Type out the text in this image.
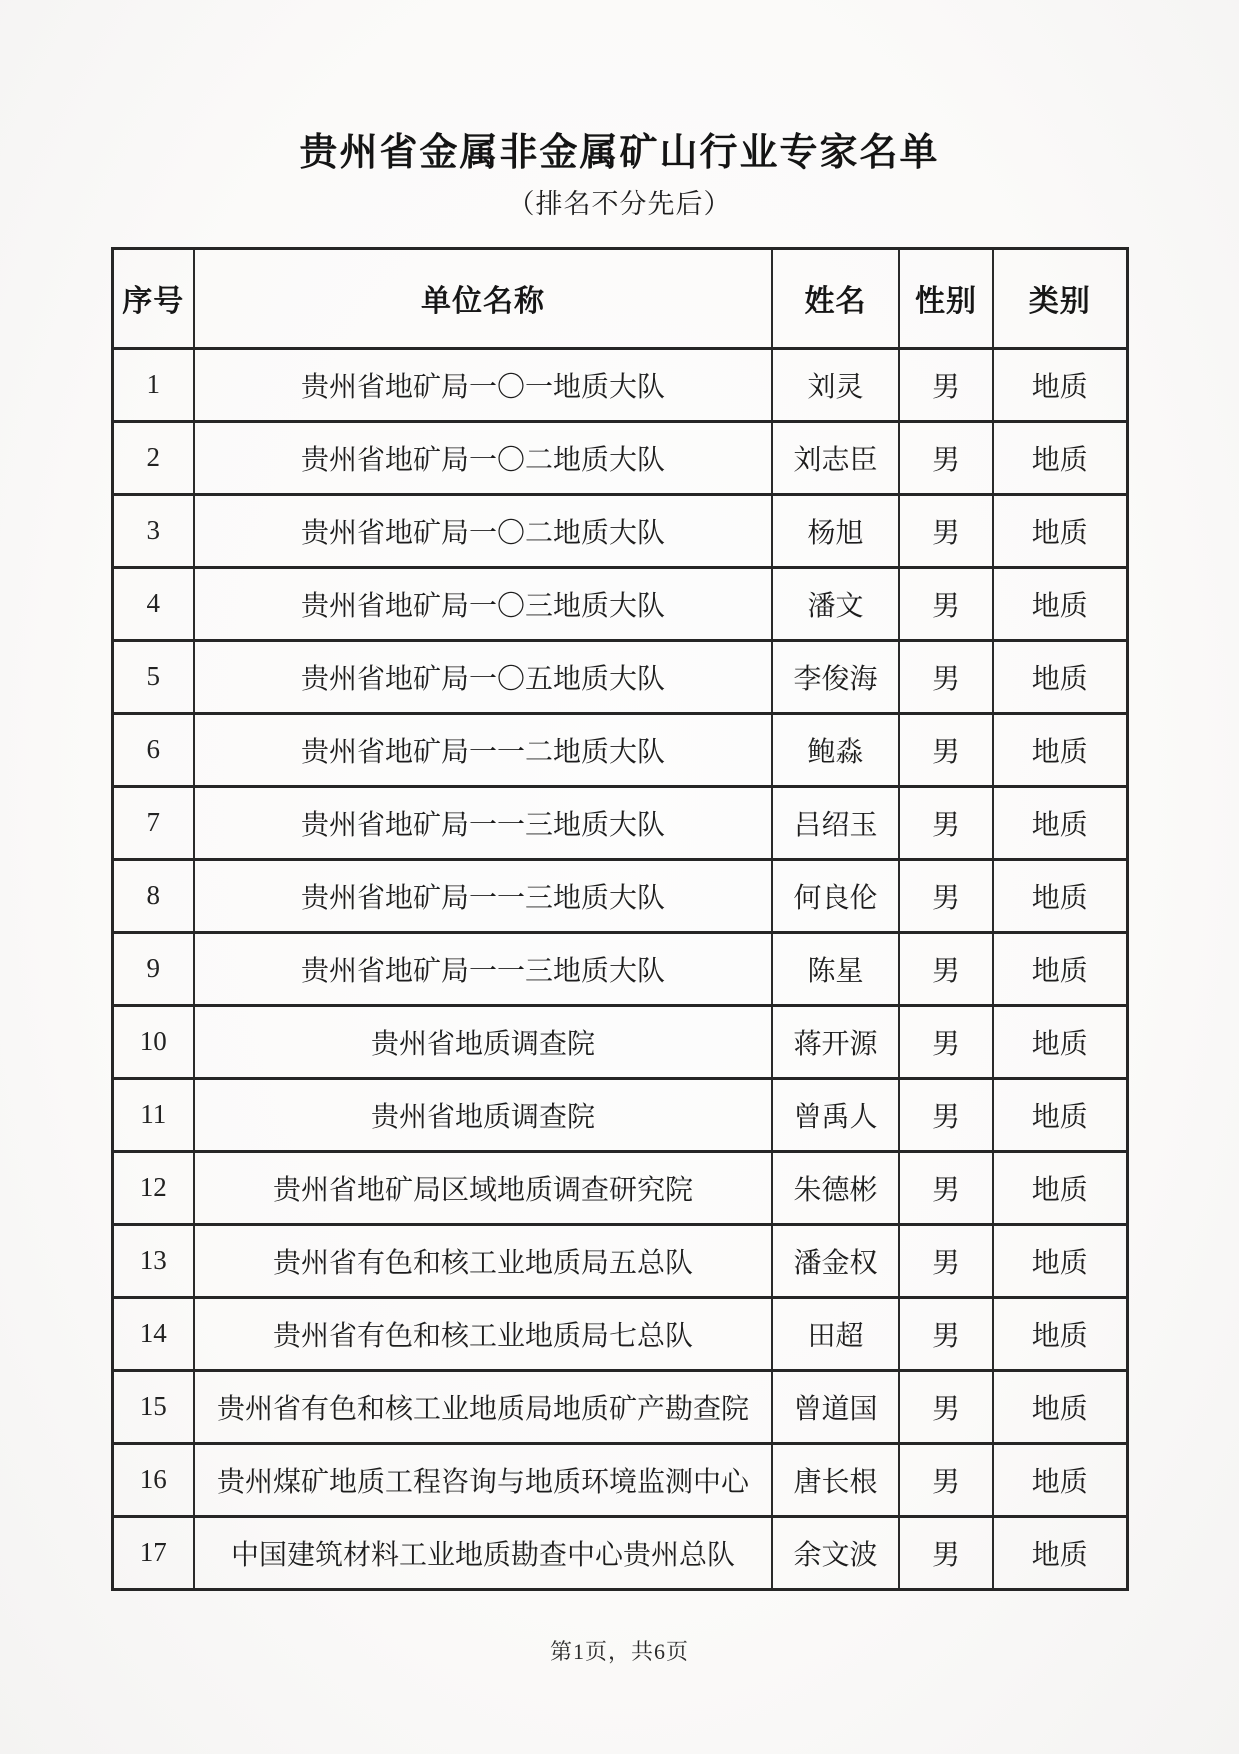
贵州省金属非金属矿山行业专家名单
（排名不分先后）
序号	单位名称	姓名	性别	类别
1	贵州省地矿局一〇一地质大队	刘灵	男	地质
2	贵州省地矿局一〇二地质大队	刘志臣	男	地质
3	贵州省地矿局一〇二地质大队	杨旭	男	地质
4	贵州省地矿局一〇三地质大队	潘文	男	地质
5	贵州省地矿局一〇五地质大队	李俊海	男	地质
6	贵州省地矿局一一二地质大队	鲍淼	男	地质
7	贵州省地矿局一一三地质大队	吕绍玉	男	地质
8	贵州省地矿局一一三地质大队	何良伦	男	地质
9	贵州省地矿局一一三地质大队	陈星	男	地质
10	贵州省地质调查院	蒋开源	男	地质
11	贵州省地质调查院	曾禹人	男	地质
12	贵州省地矿局区域地质调查研究院	朱德彬	男	地质
13	贵州省有色和核工业地质局五总队	潘金权	男	地质
14	贵州省有色和核工业地质局七总队	田超	男	地质
15	贵州省有色和核工业地质局地质矿产勘查院	曾道国	男	地质
16	贵州煤矿地质工程咨询与地质环境监测中心	唐长根	男	地质
17	中国建筑材料工业地质勘查中心贵州总队	余文波	男	地质
第1页，共6页
